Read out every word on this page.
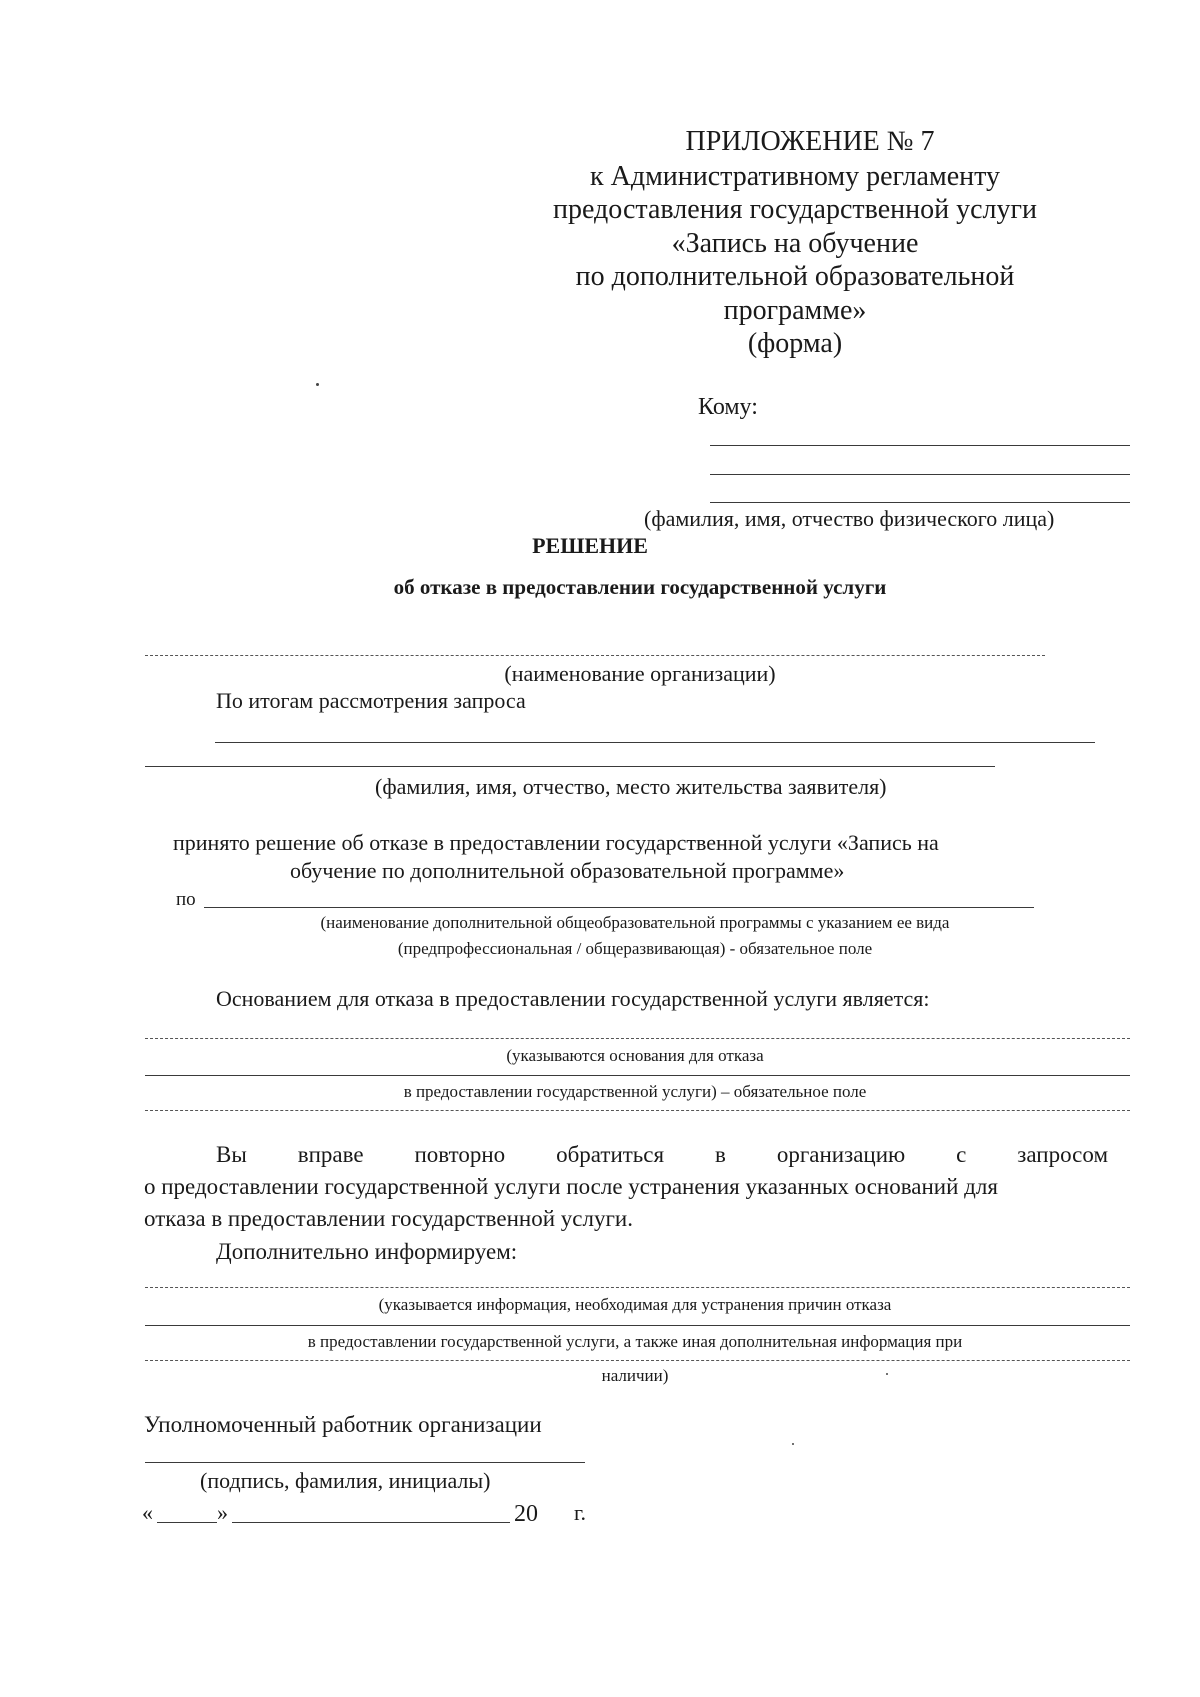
ПРИЛОЖЕНИЕ № 7
к Административному регламенту
предоставления государственной услуги
«Запись на обучение
по дополнительной образовательной
программе»
(форма)
Кому:
(фамилия, имя, отчество физического лица)
РЕШЕНИЕ
об отказе в предоставлении государственной услуги
(наименование организации)
По итогам рассмотрения запроса
(фамилия, имя, отчество, место жительства заявителя)
принято решение об отказе в предоставлении государственной услуги «Запись на
обучение по дополнительной образовательной программе»
по
(наименование дополнительной общеобразовательной программы с указанием ее вида
(предпрофессиональная / общеразвивающая) - обязательное поле
Основанием для отказа в предоставлении государственной услуги является:
(указываются основания для отказа
в предоставлении государственной услуги) – обязательное поле
Вы вправе повторно обратиться в организацию с запросом
о предоставлении государственной услуги после устранения указанных оснований для
отказа в предоставлении государственной услуги.
Дополнительно информируем:
(указывается информация, необходимая для устранения причин отказа
в предоставлении государственной услуги, а также иная дополнительная информация при
наличии)
Уполномоченный работник организации
(подпись, фамилия, инициалы)
«	»	20 г.
